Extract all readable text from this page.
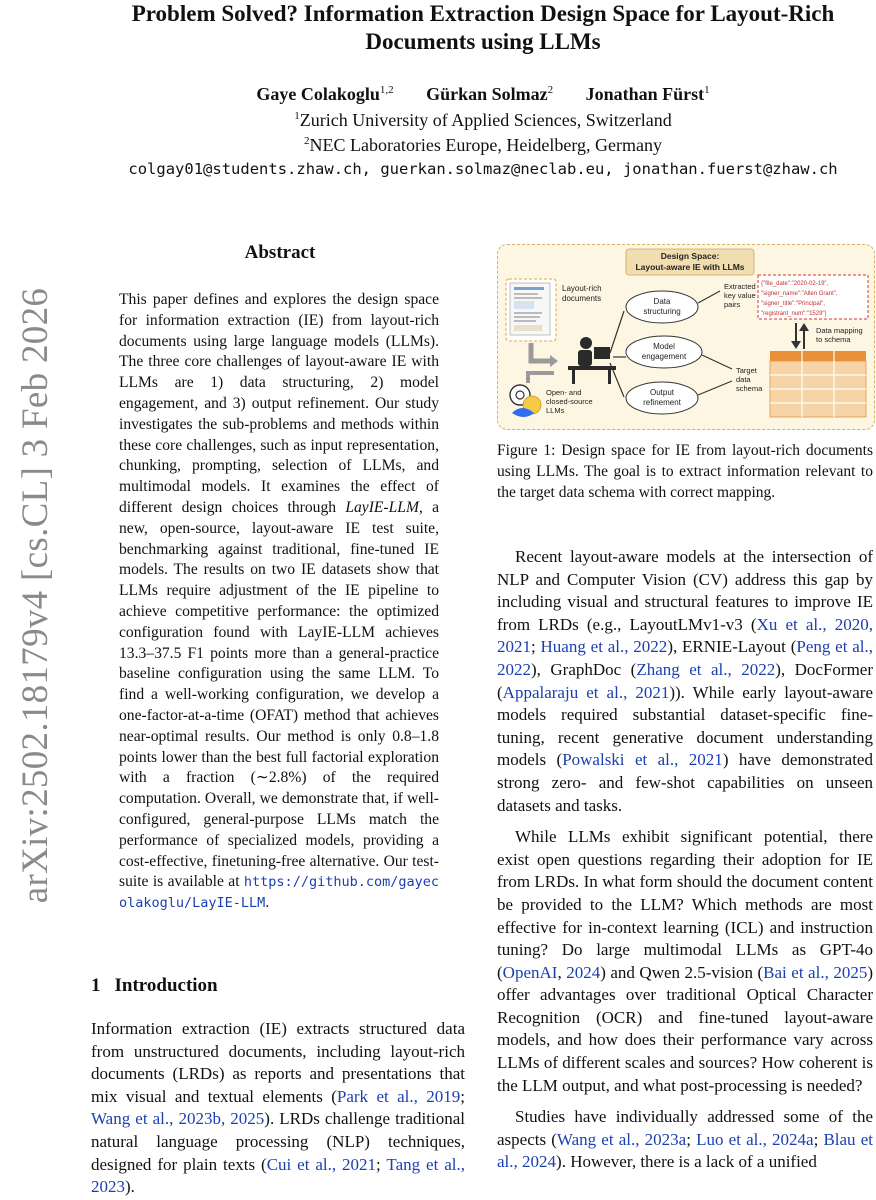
arXiv:2502.18179v4 [cs.CL] 3 Feb 2026
Problem Solved? Information Extraction Design Space for Layout-Rich Documents using LLMs
Gaye Colakoglu$^{1,2}$ Gürkan Solmaz$^2$ Jonathan Fürst$^1$
$^1$Zurich University of Applied Sciences, Switzerland
$^2$NEC Laboratories Europe, Heidelberg, Germany
colgay01@students.zhaw.ch, guerkan.solmaz@neclab.eu, jonathan.fuerst@zhaw.ch
Abstract

This paper defines and explores the design space for information extraction (IE) from layout-rich documents using large language models (LLMs). The three core challenges of layout-aware IE with LLMs are 1) data structuring, 2) model engagement, and 3) output refinement. Our study investigates the sub-problems and methods within these core challenges, such as input representation, chunking, prompting, selection of LLMs, and multimodal models. It examines the effect of different design choices through LayIE-LLM, a new, open-source, layout-aware IE test suite, benchmarking against traditional, fine-tuned IE models. The results on two IE datasets show that LLMs require adjustment of the IE pipeline to achieve competitive performance: the optimized configuration found with LayIE-LLM achieves 13.3–37.5 F1 points more than a general-practice baseline configuration using the same LLM. To find a well-working configuration, we develop a one-factor-at-a-time (OFAT) method that achieves near-optimal results. Our method is only 0.8–1.8 points lower than the best full factorial exploration with a fraction (∼2.8%) of the required computation. Overall, we demonstrate that, if well-configured, general-purpose LLMs match the performance of specialized models, providing a cost-effective, finetuning-free alternative. Our test-suite is available at https://github.com/gayecolakoglu/LayIE-LLM.

1 Introduction

Information extraction (IE) extracts structured data from unstructured documents, including layout-rich documents (LRDs) as reports and presentations that mix visual and textual elements (Park et al., 2019; Wang et al., 2023b, 2025). LRDs challenge traditional natural language processing (NLP) techniques, designed for plain texts (Cui et al., 2021; Tang et al., 2023).

Design Space:
Layout-aware IE with LLMs
Layout-rich
documents
Open- and
closed-source
LLMs
Data
structuring
Model
engagement
Output
refinement
Extracted
key value
pairs
{"file_date":"2020-02-19",
"signer_name":"Allen Grant",
"signer_title":"Principal",
"registrant_num":"1529"}
Data mapping
to schema
Target
data
schema

Figure 1: Design space for IE from layout-rich documents using LLMs. The goal is to extract information relevant to the target data schema with correct mapping.

Recent layout-aware models at the intersection of NLP and Computer Vision (CV) address this gap by including visual and structural features to improve IE from LRDs (e.g., LayoutLMv1-v3 (Xu et al., 2020, 2021; Huang et al., 2022), ERNIE-Layout (Peng et al., 2022), GraphDoc (Zhang et al., 2022), DocFormer (Appalaraju et al., 2021)). While early layout-aware models required substantial dataset-specific fine-tuning, recent generative document understanding models (Powalski et al., 2021) have demonstrated strong zero- and few-shot capabilities on unseen datasets and tasks.

While LLMs exhibit significant potential, there exist open questions regarding their adoption for IE from LRDs. In what form should the document content be provided to the LLM? Which methods are most effective for in-context learning (ICL) and instruction tuning? Do large multimodal LLMs as GPT-4o (OpenAI, 2024) and Qwen 2.5-vision (Bai et al., 2025) offer advantages over traditional Optical Character Recognition (OCR) and fine-tuned layout-aware models, and how does their performance vary across LLMs of different scales and sources? How coherent is the LLM output, and what post-processing is needed?

Studies have individually addressed some of the aspects (Wang et al., 2023a; Luo et al., 2024a; Blau et al., 2024). However, there is a lack of a unified
